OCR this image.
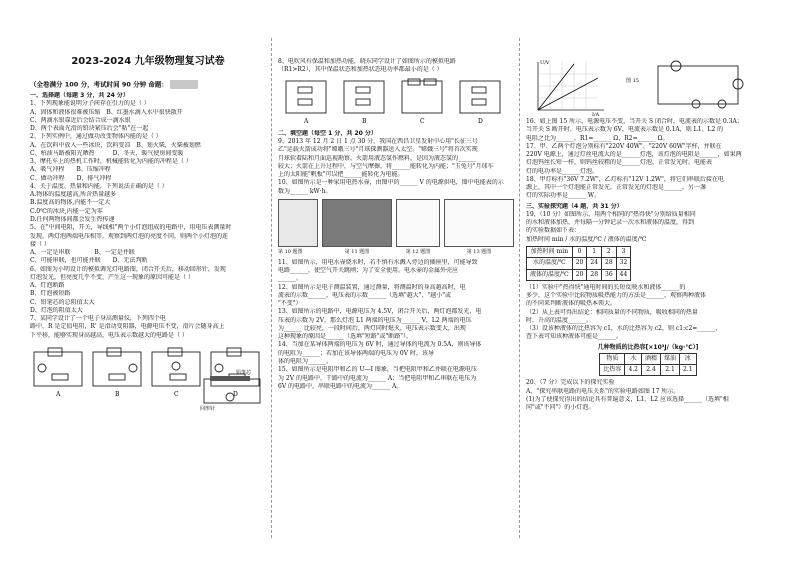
2023-2024 九年级物理复习试卷
（全卷满分 100 分，考试时间 90 分钟 命题：
一、选择题（每题 3 分，共 24 分）
1、下列现象能说明分子间存在引力的是（ ）
A、固体和液体很难被压缩　B、红墨水滴入水中很快散开
C、两滴水银靠近后会结合成一滴水银
D、两个表面光滑的铅块紧压后会"粘"在一起
2、下列实例中，通过做功改变物体内能的是（ ）
A、在饮料中放入一些冰块，饮料变凉　B、划火柴，火柴被划燃
C、柏油马路被阳光晒热　　　D、冬天，暖气使房间变暖
3、摩托车上的热机工作时，机械能转化为内能的冲程是（ ）
A、吸气冲程　　B、压缩冲程
C、做功冲程　　D、排气冲程
4、关于温度、热量和内能，下列说法正确的是（ ）
A.物体的温度越高,所含热量越多
B.温度高的物体,内能不一定大
C.0℃的冰块,内能一定为零
D.任何两物体间都会发生热传递
5、在"中间电阻，开关，导线相"两个小灯泡组成的电路中，用电压表测量时
发现，两灯泡两端电压相等，观察到两灯泡的亮度不同，则两个小灯泡的连
接（ ）
A、一定是串联　　　　B、一定是并联
C、可能串联，也可能并联　　D、无法判断
6、如图为小明设计的模拟调光灯电路图，闭合开关后，移动回形针，发现
灯泡发光，但亮度几乎不变，产生这一现象的原因可能是（ ）
A、灯泡断路
B、灯泡被短路
C、铅笔芯的总阻值太大
D、灯泡的阻值太大
7、某同学设计了一个电子身高测量仪，下列四个电
路中，R 是定值电阻，R' 是滑动变阻器，电源电压不变，滑片会随身高上
下平移，能够实现身高越高，电压表示数越大的电路是（ ）
A	B	C	D
铅笔芯
回形针
8、电吹风有保温和加热功能，晓东同学设计了如图所示的模拟电路
（R1>R2），其中保温状态和加热状态电功率都最小的是（ ）
A	B	C	D
二、填空题（每空 1 分，共 20 分）
9、2013 年 12 月 2 日 1 点 30 分，我国在西昌卫星发射中心用"长征三号
乙"运载火箭成功将"嫦娥三号"月球探测器送入太空。"嫦娥三号"将首次实现
月球软着陆和月面巡视勘察。火箭用液态氢作燃料，是因为液态氢的______
较大；火箭在上升过程中，与空气摩擦，将______能转化为内能；"玉兔号"月球车
上的太阳能"帆板"可以把______能转化为电能。
10、如图所示是一种家用电热水壶，由图中的______ V 的电源供电，图中电能表的示
数为______ kW·h。
第 10 题图	第 11 题图	第 12 题图	第 13 题图
11、如图所示，用电水壶烧水时，若不慎有水溅入旁边的插座里，可能导致
电路______，使空气开关跳闸；为了安全使用，电水壶的金属外壳应
______。
12、如图所示是电子测温装置，通过测量，将测温时的身高越高时，电
流表的示数______，电压表的示数______（选填"越大"、"越小"或
"不变"）
13、如图所示的电路中，电源电压为 4.5V，闭合开关后，两灯泡都发光，电
压表的示数为 2V，那么灯泡 L1 两端的电压为______ V，L2 两端的电压
为______ 比较亮，一段时间后，两灯同时熄灭，电压表示数变大，出现
这种现象的原因是______（选填"短路"或"断路"）。
14、当加在某导体两端的电压为 6V 时，通过导体的电流为 0.5A，则该导体
的电阻为______；若加在该导体两端的电压为 0V 时，该导
体的电阻为______。
15、如图所示是电阻甲和乙的 U—I 图象，当把电阻甲和乙并联在电源电压
为 2V 的电路中，干路中的电流为______ A；当把电阻甲和乙串联在电压为
6V 的电路中，串联电路中的电流为______ A。
U/V
I/A
图 15
16、如上图 15 所示，电源电压不变，当开关 S 闭合时，电流表的示数是 0.3A；
当开关 S 断开时，电压表示数为 6V，电流表示数是 0.1A，则 L1、L2 的
电阻之比为______，R1=______ Ω，R2=______ Ω。
17、甲、乙两个灯泡分别标有"220V 40W"、"220V 60W"字样，并联在
220V 电源上，通过灯丝电流大的是______灯泡，该灯泡的电阻是______，如果两
灯泡钨丝长短一样，则钨丝较粗的是______灯泡，正常发光时，电能表
灯的电功率是______灯泡。
18、甲灯标有"36V 7.2W"，乙灯标有"12V 1.2W"，将它们串联后接在电
源上，其中一个灯泡能正常发光，正常发光的灯泡是______，另一盏
灯的实际功率是______ W。
三、实验探究题（4 题，共 31 分）
19、（10 分）如图所示，用两个相同的"热得快"分别给质量相同
的水和液体加热，并每隔一分钟记录一次水和液体的温度，得到
的实验数据如下表：
加热时间 min / 水的温度/℃ / 液体的温度/℃
加热时间 min	0	1	2	3
水的温度/℃	20	24	28	32
液体的温度/℃	20	28	36	44
（1）实验中"热得快"通电时间的长短反映水和液体______的
多少，这个实验中比较物质吸热能力的方法是______，观察两种液体
的不同来判断液体的吸热本领大。
（2）从上表可得出结论：相同质量的不同物质，吸收相同的热量
时，升高的温度______。
（3）设该种液体的比热容为 c1，水的比热容为 c2，则 c1:c2=______，
查下表可知该种液体可能是______。
几种物质的比热容[×10³J/（kg·℃）]
物质	水	酒精	煤油	冰
比热容	4.2	2.4	2.1	2.1
20、（7 分）完成以下的探究实验
A、"探究串联电路的电压关系"的实验电路如图 17 所示。
(1)为了使探究得出的结论具有普遍意义，L1、L2 应该选择______（选填"相
同"或"不同"）的小灯泡。
